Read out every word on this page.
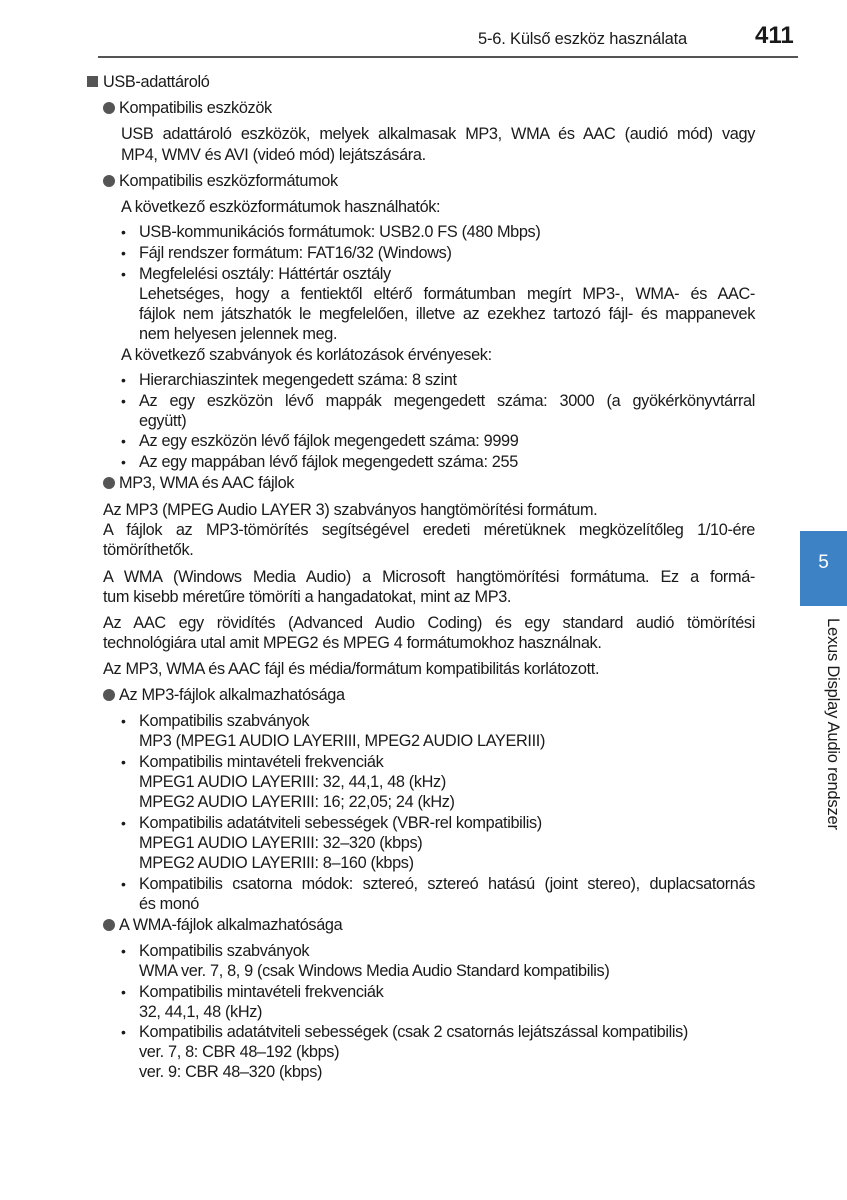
5-6. Külső eszköz használata	411
5
Lexus Display Audio rendszer
USB-adattároló
Kompatibilis eszközök
USB adattároló eszközök, melyek alkalmasak MP3, WMA és AAC (audió mód) vagy
MP4, WMV és AVI (videó mód) lejátszására.
Kompatibilis eszközformátumok
A következő eszközformátumok használhatók:
• USB-kommunikációs formátumok: USB2.0 FS (480 Mbps)
• Fájl rendszer formátum: FAT16/32 (Windows)
• Megfelelési osztály: Háttértár osztály
Lehetséges, hogy a fentiektől eltérő formátumban megírt MP3-, WMA- és AAC-
fájlok nem játszhatók le megfelelően, illetve az ezekhez tartozó fájl- és mappanevek
nem helyesen jelennek meg.
A következő szabványok és korlátozások érvényesek:
• Hierarchiaszintek megengedett száma: 8 szint
• Az egy eszközön lévő mappák megengedett száma: 3000 (a gyökérkönyvtárral
együtt)
• Az egy eszközön lévő fájlok megengedett száma: 9999
• Az egy mappában lévő fájlok megengedett száma: 255
MP3, WMA és AAC fájlok
Az MP3 (MPEG Audio LAYER 3) szabványos hangtömörítési formátum.
A fájlok az MP3-tömörítés segítségével eredeti méretüknek megközelítőleg 1/10-ére
tömöríthetők.
A WMA (Windows Media Audio) a Microsoft hangtömörítési formátuma. Ez a formá-
tum kisebb méretűre tömöríti a hangadatokat, mint az MP3.
Az AAC egy rövidítés (Advanced Audio Coding) és egy standard audió tömörítési
technológiára utal amit MPEG2 és MPEG 4 formátumokhoz használnak.
Az MP3, WMA és AAC fájl és média/formátum kompatibilitás korlátozott.
Az MP3-fájlok alkalmazhatósága
• Kompatibilis szabványok
MP3 (MPEG1 AUDIO LAYERIII, MPEG2 AUDIO LAYERIII)
• Kompatibilis mintavételi frekvenciák
MPEG1 AUDIO LAYERIII: 32, 44,1, 48 (kHz)
MPEG2 AUDIO LAYERIII: 16; 22,05; 24 (kHz)
• Kompatibilis adatátviteli sebességek (VBR-rel kompatibilis)
MPEG1 AUDIO LAYERIII: 32–320 (kbps)
MPEG2 AUDIO LAYERIII: 8–160 (kbps)
• Kompatibilis csatorna módok: sztereó, sztereó hatású (joint stereo), duplacsatornás
és monó
A WMA-fájlok alkalmazhatósága
• Kompatibilis szabványok
WMA ver. 7, 8, 9 (csak Windows Media Audio Standard kompatibilis)
• Kompatibilis mintavételi frekvenciák
32, 44,1, 48 (kHz)
• Kompatibilis adatátviteli sebességek (csak 2 csatornás lejátszással kompatibilis)
ver. 7, 8: CBR 48–192 (kbps)
ver. 9: CBR 48–320 (kbps)
